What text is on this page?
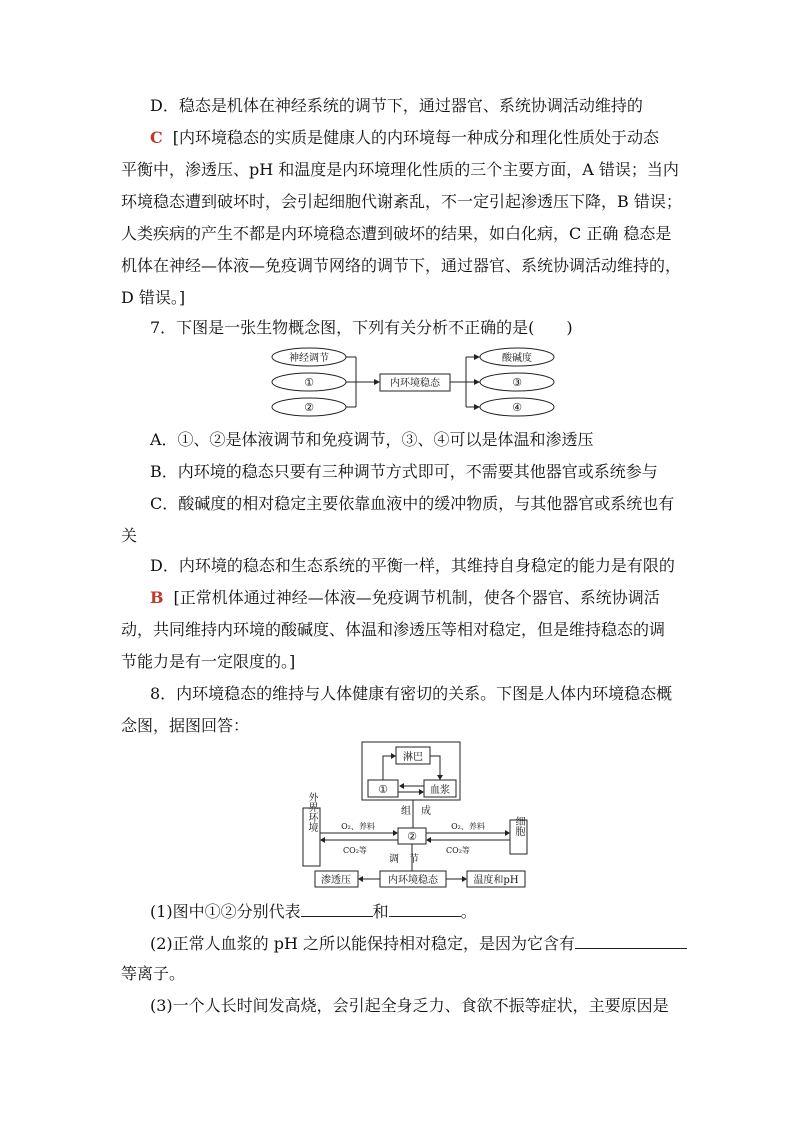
D．稳态是机体在神经系统的调节下，通过器官、系统协调活动维持的
C [内环境稳态的实质是健康人的内环境每一种成分和理化性质处于动态
平衡中，渗透压、pH 和温度是内环境理化性质的三个主要方面，A 错误；当内
环境稳态遭到破坏时，会引起细胞代谢紊乱，不一定引起渗透压下降，B 错误；
人类疾病的产生不都是内环境稳态遭到破坏的结果，如白化病，C 正确 稳态是
机体在神经—体液—免疫调节网络的调节下，通过器官、系统协调活动维持的，
D 错误。]
7．下图是一张生物概念图，下列有关分析不正确的是(　　)
神经调节
①
②
内环境稳态
酸碱度
③
④
A．①、②是体液调节和免疫调节，③、④可以是体温和渗透压
B．内环境的稳态只要有三种调节方式即可，不需要其他器官或系统参与
C．酸碱度的相对稳定主要依靠血液中的缓冲物质，与其他器官或系统也有
关
D．内环境的稳态和生态系统的平衡一样，其维持自身稳定的能力是有限的
B [正常机体通过神经—体液—免疫调节机制，使各个器官、系统协调活
动，共同维持内环境的酸碱度、体温和渗透压等相对稳定，但是维持稳态的调
节能力是有一定限度的。]
8．内环境稳态的维持与人体健康有密切的关系。下图是人体内环境稳态概
念图，据图回答：
淋巴
①	血浆
组　成
②
外界环境	细胞
O₂、养料
CO₂等
O₂、养料
CO₂等
调　节
渗透压	内环境稳态	温度和pH
(1)图中①②分别代表	和	。
(2)正常人血浆的 pH 之所以能保持相对稳定，是因为它含有
等离子。
(3)一个人长时间发高烧，会引起全身乏力、食欲不振等症状，主要原因是
